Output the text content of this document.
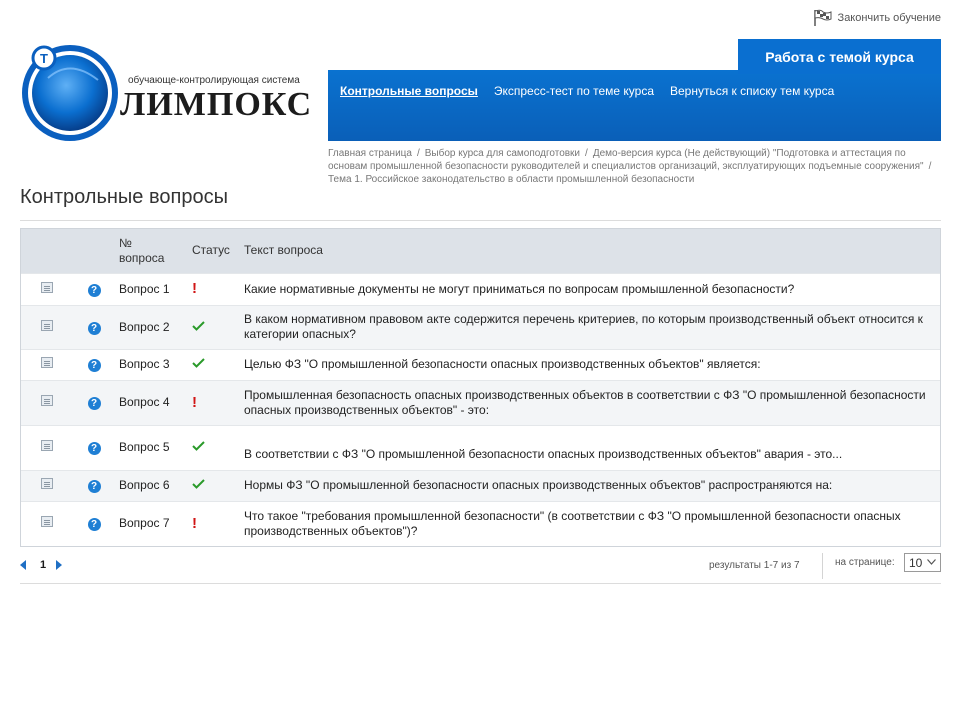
Закончить обучение
Т
обучающе-контролирующая система
ЛИМПОКС
Работа с темой курса
Контрольные вопросы Экспресс-тест по теме курса Вернуться к списку тем курса
Главная страница / Выбор курса для самоподготовки / Демо-версия курса (Не действующий) "Подготовка и аттестация по основам промышленной безопасности руководителей и специалистов организаций, эксплуатирующих подъемные сооружения" /Тема 1. Российское законодательство в области промышленной безопасности
Контрольные вопросы
		№ вопроса	Статус	Текст вопроса
	?	Вопрос 1	!	Какие нормативные документы не могут приниматься по вопросам промышленной безопасности?
	?	Вопрос 2		В каком нормативном правовом акте содержится перечень критериев, по которым производственный объект относится к категории опасных?
	?	Вопрос 3		Целью ФЗ "О промышленной безопасности опасных производственных объектов" является:
	?	Вопрос 4	!	Промышленная безопасность опасных производственных объектов в соответствии с ФЗ "О промышленной безопасности опасных производственных объектов" - это:
	?	Вопрос 5		В соответствии с ФЗ "О промышленной безопасности опасных производственных объектов" авария - это...
	?	Вопрос 6		Нормы ФЗ "О промышленной безопасности опасных производственных объектов" распространяются на:
	?	Вопрос 7	!	Что такое "требования промышленной безопасности" (в соответствии с ФЗ "О промышленной безопасности опасных производственных объектов")?
1	результаты 1-7 из 7	на странице: 10
